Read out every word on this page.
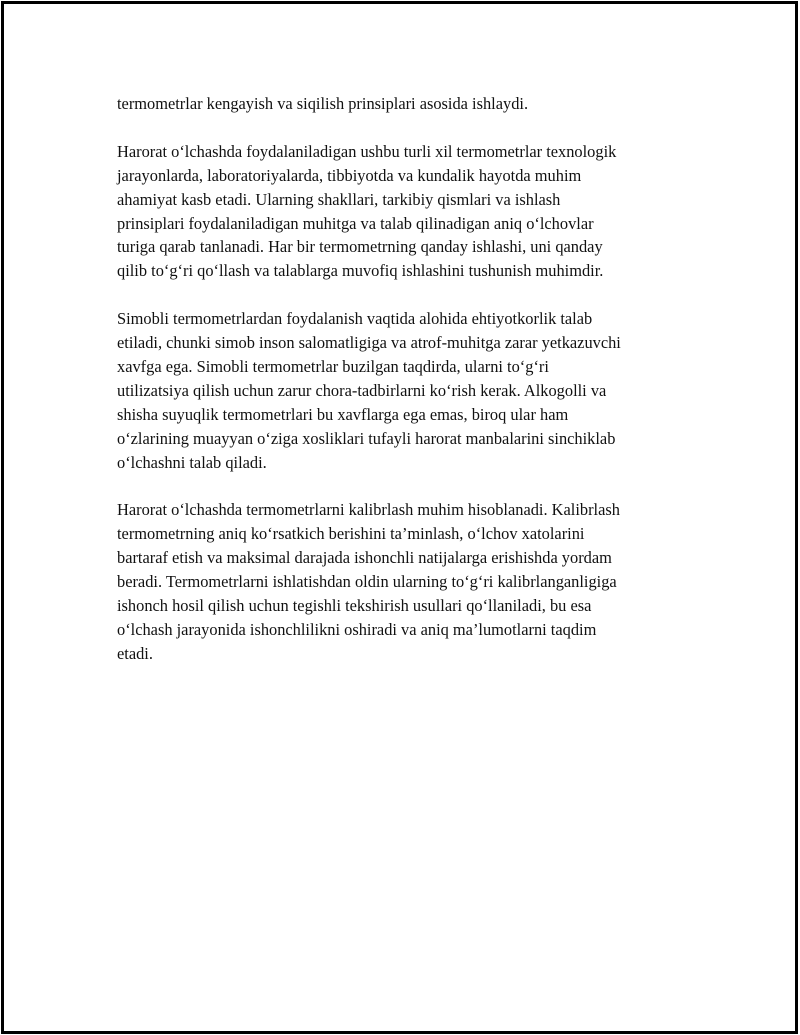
termometrlar kengayish va siqilish prinsiplari asosida ishlaydi.

Harorat o‘lchashda foydalaniladigan ushbu turli xil termometrlar texnologik
jarayonlarda, laboratoriyalarda, tibbiyotda va kundalik hayotda muhim
ahamiyat kasb etadi. Ularning shakllari, tarkibiy qismlari va ishlash
prinsiplari foydalaniladigan muhitga va talab qilinadigan aniq o‘lchovlar
turiga qarab tanlanadi. Har bir termometrning qanday ishlashi, uni qanday
qilib to‘g‘ri qo‘llash va talablarga muvofiq ishlashini tushunish muhimdir.

Simobli termometrlardan foydalanish vaqtida alohida ehtiyotkorlik talab
etiladi, chunki simob inson salomatligiga va atrof-muhitga zarar yetkazuvchi
xavfga ega. Simobli termometrlar buzilgan taqdirda, ularni to‘g‘ri
utilizatsiya qilish uchun zarur chora-tadbirlarni ko‘rish kerak. Alkogolli va
shisha suyuqlik termometrlari bu xavflarga ega emas, biroq ular ham
o‘zlarining muayyan o‘ziga xosliklari tufayli harorat manbalarini sinchiklab
o‘lchashni talab qiladi.

Harorat o‘lchashda termometrlarni kalibrlash muhim hisoblanadi. Kalibrlash
termometrning aniq ko‘rsatkich berishini ta’minlash, o‘lchov xatolarini
bartaraf etish va maksimal darajada ishonchli natijalarga erishishda yordam
beradi. Termometrlarni ishlatishdan oldin ularning to‘g‘ri kalibrlanganligiga
ishonch hosil qilish uchun tegishli tekshirish usullari qo‘llaniladi, bu esa
o‘lchash jarayonida ishonchlilikni oshiradi va aniq ma’lumotlarni taqdim
etadi.
